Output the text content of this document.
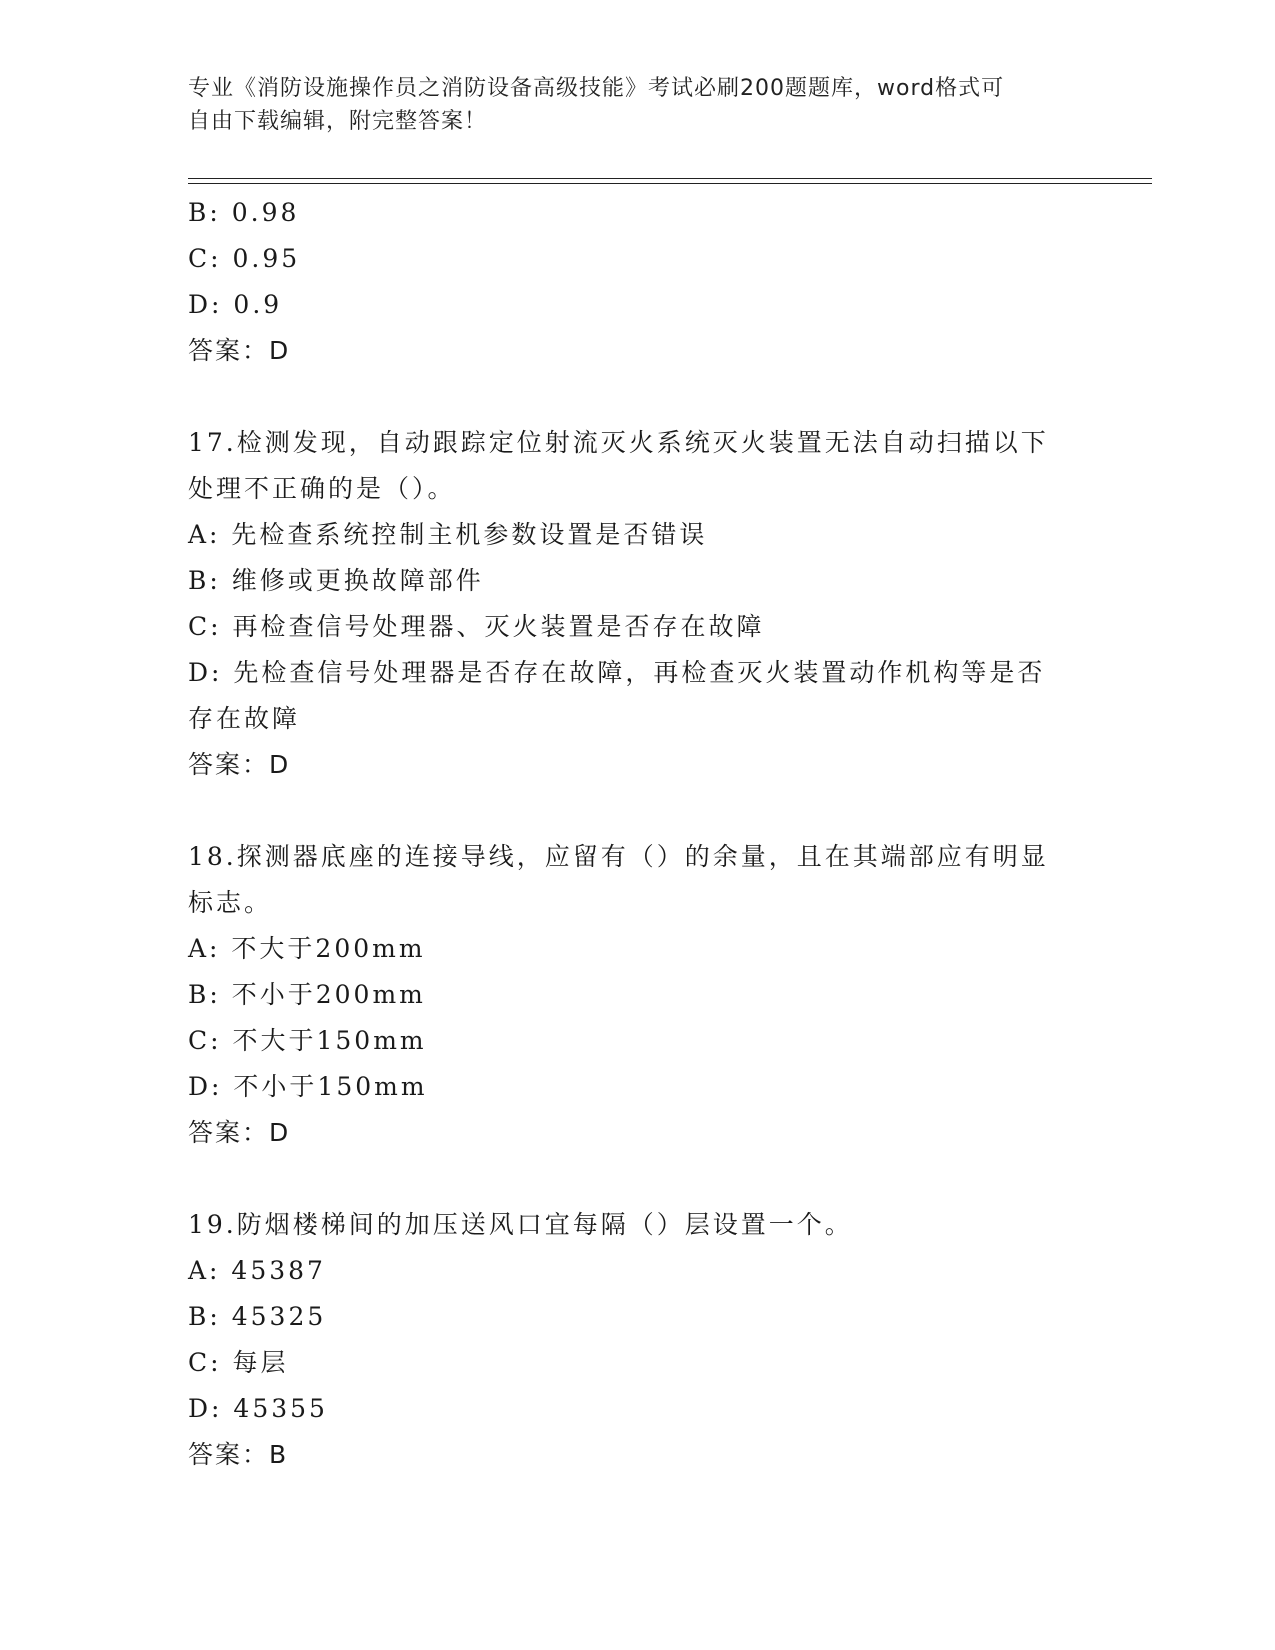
专业《消防设施操作员之消防设备高级技能》考试必刷200题题库，word格式可
自由下载编辑，附完整答案！
B: 0.98
C: 0.95
D: 0.9
答案：D
17.检测发现，自动跟踪定位射流灭火系统灭火装置无法自动扫描以下
处理不正确的是（）。
A: 先检查系统控制主机参数设置是否错误
B: 维修或更换故障部件
C: 再检查信号处理器、灭火装置是否存在故障
D: 先检查信号处理器是否存在故障，再检查灭火装置动作机构等是否
存在故障
答案：D
18.探测器底座的连接导线，应留有（）的余量，且在其端部应有明显
标志。
A: 不大于200mm
B: 不小于200mm
C: 不大于150mm
D: 不小于150mm
答案：D
19.防烟楼梯间的加压送风口宜每隔（）层设置一个。
A: 45387
B: 45325
C: 每层
D: 45355
答案：B
